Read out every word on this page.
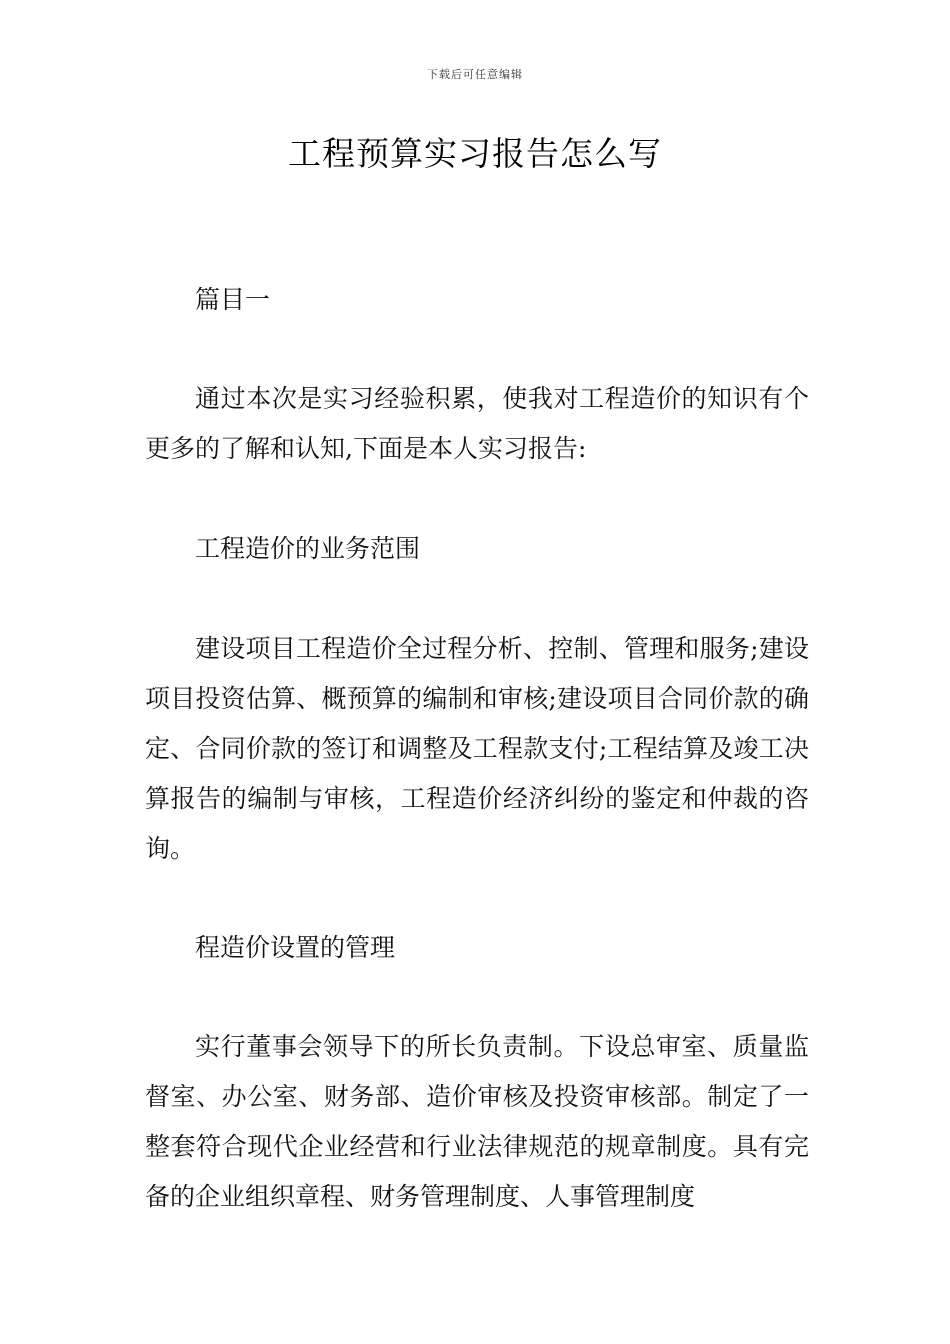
下载后可任意编辑
工程预算实习报告怎么写

篇目一

通过本次是实习经验积累，使我对工程造价的知识有个更多的了解和认知,下面是本人实习报告:

工程造价的业务范围

建设项目工程造价全过程分析、控制、管理和服务;建设项目投资估算、概预算的编制和审核;建设项目合同价款的确定、合同价款的签订和调整及工程款支付;工程结算及竣工决算报告的编制与审核，工程造价经济纠纷的鉴定和仲裁的咨询。

程造价设置的管理

实行董事会领导下的所长负责制。下设总审室、质量监督室、办公室、财务部、造价审核及投资审核部。制定了一整套符合现代企业经营和行业法律规范的规章制度。具有完备的企业组织章程、财务管理制度、人事管理制度
